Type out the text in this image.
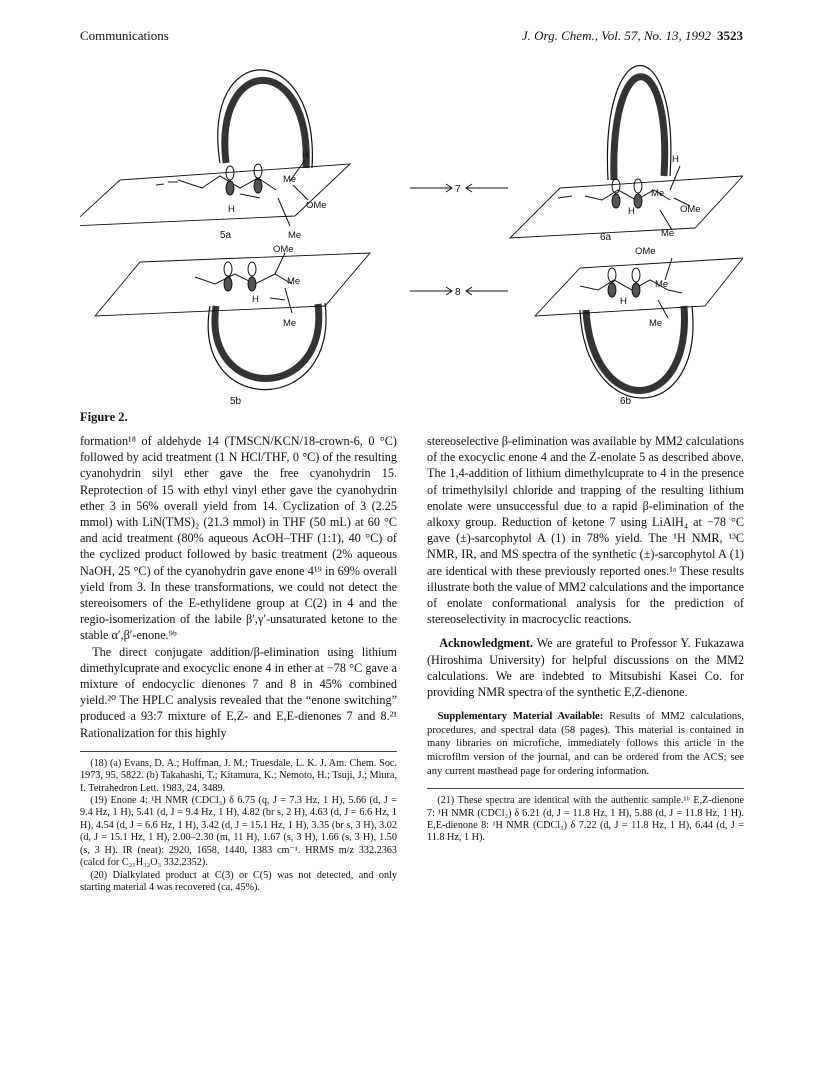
Communications	J. Org. Chem., Vol. 57, No. 13, 1992 3523
5a
5b
6a
6b
7
8
H
Me
OMe
H
Me
OMe
Me
H
Me
H
Me
OMe
H
Me
OMe
Me
H
Me
Figure 2.

formation¹⁸ of aldehyde 14 (TMSCN/KCN/18-crown-6, 0 °C) followed by acid treatment (1 N HCl/THF, 0 °C) of the resulting cyanohydrin silyl ether gave the free cyanohydrin 15. Reprotection of 15 with ethyl vinyl ether gave the cyanohydrin ether 3 in 56% overall yield from 14. Cyclization of 3 (2.25 mmol) with LiN(TMS)₂ (21.3 mmol) in THF (50 mL) at 60 °C and acid treatment (80% aqueous AcOH–THF (1:1), 40 °C) of the cyclized product followed by basic treatment (2% aqueous NaOH, 25 °C) of the cyanohydrin gave enone 4¹⁹ in 69% overall yield from 3. In these transformations, we could not detect the stereoisomers of the E-ethylidene group at C(2) in 4 and the regio-isomerization of the labile β′,γ′-unsaturated ketone to the stable α′,β′-enone.⁹ᵇ

The direct conjugate addition/β-elimination using lithium dimethylcuprate and exocyclic enone 4 in ether at −78 °C gave a mixture of endocyclic dienones 7 and 8 in 45% combined yield.²⁰ The HPLC analysis revealed that the “enone switching” produced a 93:7 mixture of E,Z- and E,E-dienones 7 and 8.²¹ Rationalization for this highly

(18) (a) Evans, D. A.; Hoffman, J. M.; Truesdale, L. K. J. Am. Chem. Soc. 1973, 95, 5822. (b) Takahashi, T.; Kitamura, K.; Nemoto, H.; Tsuji, J.; Miura, I. Tetrahedron Lett. 1983, 24, 3489.

(19) Enone 4: ¹H NMR (CDCl₃) δ 6.75 (q, J = 7.3 Hz, 1 H), 5.66 (d, J = 9.4 Hz, 1 H), 5.41 (d, J = 9.4 Hz, 1 H), 4.82 (br s, 2 H), 4.63 (d, J = 6.6 Hz, 1 H), 4.54 (d, J = 6.6 Hz, 1 H), 3.42 (d, J = 15.1 Hz, 1 H), 3.35 (br s, 3 H), 3.02 (d, J = 15.1 Hz, 1 H), 2.00–2.30 (m, 11 H), 1.67 (s, 3 H), 1.66 (s, 3 H), 1.50 (s, 3 H). IR (neat): 2920, 1658, 1440, 1383 cm⁻¹. HRMS m/z 332.2363 (calcd for C₂₁H₃₂O₃ 332.2352).

(20) Dialkylated product at C(3) or C(5) was not detected, and only starting material 4 was recovered (ca. 45%).

stereoselective β-elimination was available by MM2 calculations of the exocyclic enone 4 and the Z-enolate 5 as described above. The 1,4-addition of lithium dimethylcuprate to 4 in the presence of trimethylsilyl chloride and trapping of the resulting lithium enolate were unsuccessful due to a rapid β-elimination of the alkoxy group. Reduction of ketone 7 using LiAlH₄ at −78 °C gave (±)-sarcophytol A (1) in 78% yield. The ¹H NMR, ¹³C NMR, IR, and MS spectra of the synthetic (±)-sarcophytol A (1) are identical with these previously reported ones.¹ᵃ These results illustrate both the value of MM2 calculations and the importance of enolate conformational analysis for the prediction of stereoselectivity in macrocyclic reactions.

Acknowledgment. We are grateful to Professor Y. Fukazawa (Hiroshima University) for helpful discussions on the MM2 calculations. We are indebted to Mitsubishi Kasei Co. for providing NMR spectra of the synthetic E,Z-dienone.

Supplementary Material Available: Results of MM2 calculations, procedures, and spectral data (58 pages). This material is contained in many libraries on microfiche, immediately follows this article in the microfilm version of the journal, and can be ordered from the ACS; see any current masthead page for ordering information.

(21) These spectra are identical with the authentic sample.¹ᵇ E,Z-dienone 7: ¹H NMR (CDCl₃) δ 6.21 (d, J = 11.8 Hz, 1 H), 5.88 (d, J = 11.8 Hz, 1 H). E,E-dienone 8: ¹H NMR (CDCl₃) δ 7.22 (d, J = 11.8 Hz, 1 H), 6.44 (d, J = 11.8 Hz, 1 H).
